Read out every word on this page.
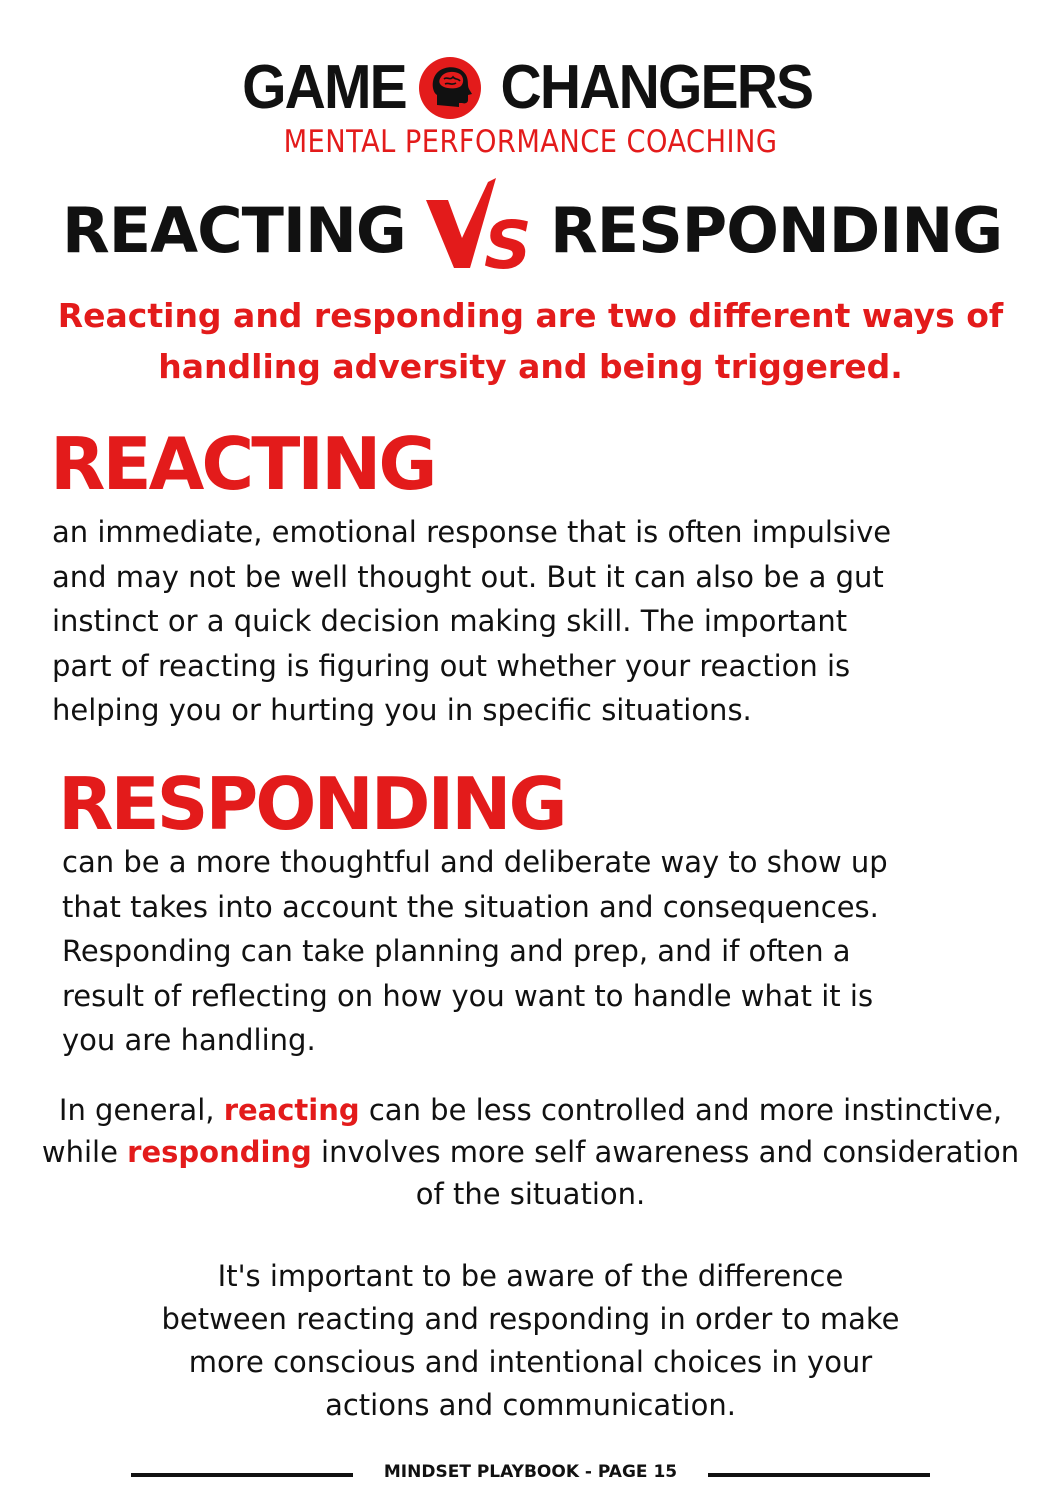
GAME CHANGERS
MENTAL PERFORMANCE COACHING
REACTING S RESPONDING
Reacting and responding are two different ways of handling adversity and being triggered.
REACTING
an immediate, emotional response that is often impulsive
and may not be well thought out. But it can also be a gut
instinct or a quick decision making skill. The important
part of reacting is figuring out whether your reaction is
helping you or hurting you in specific situations.
RESPONDING
can be a more thoughtful and deliberate way to show up
that takes into account the situation and consequences.
Responding can take planning and prep, and if often a
result of reflecting on how you want to handle what it is
you are handling.
In general, reacting can be less controlled and more instinctive, while responding involves more self awareness and consideration of the situation.
It's important to be aware of the difference
between reacting and responding in order to make
more conscious and intentional choices in your
actions and communication.
MINDSET PLAYBOOK - PAGE 15
